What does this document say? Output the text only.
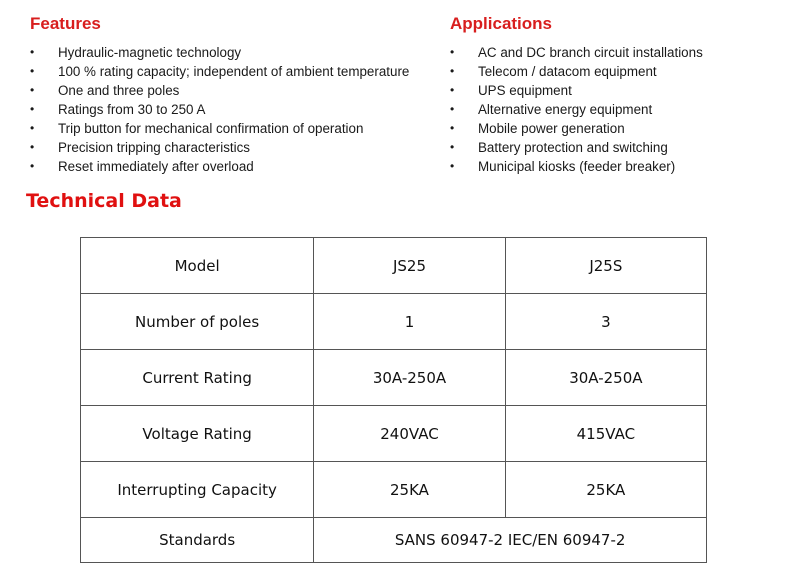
Features
• Hydraulic-magnetic technology
• 100 % rating capacity; independent of ambient temperature
• One and three poles
• Ratings from 30 to 250 A
• Trip button for mechanical confirmation of operation
• Precision tripping characteristics
• Reset immediately after overload
Applications
• AC and DC branch circuit installations
• Telecom / datacom equipment
• UPS equipment
• Alternative energy equipment
• Mobile power generation
• Battery protection and switching
• Municipal kiosks (feeder breaker)
Technical Data
Model	JS25	J25S
Number of poles	1	3
Current Rating	30A-250A	30A-250A
Voltage Rating	240VAC	415VAC
Interrupting Capacity	25KA	25KA
Standards	SANS 60947-2 IEC/EN 60947-2	
